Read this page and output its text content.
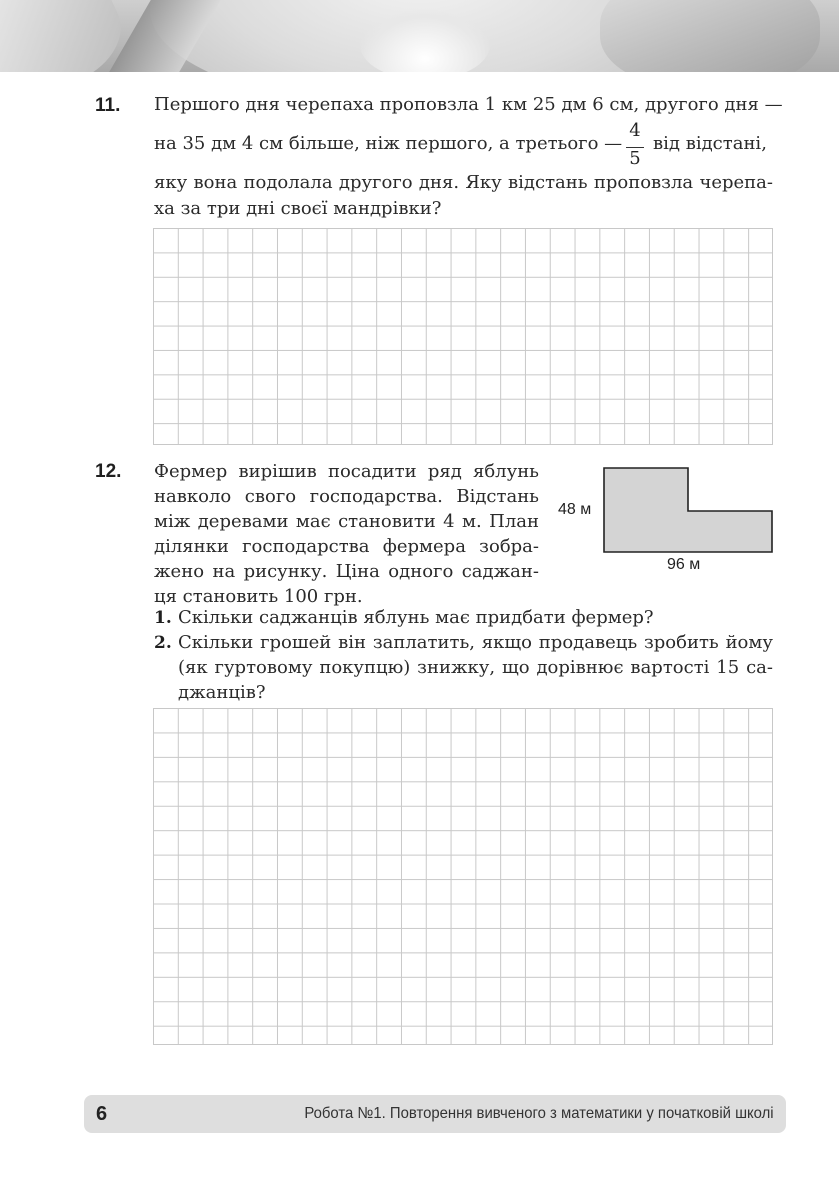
11. Першого дня черепаха проповзла 1 км 25 дм 6 см, другого дня —
на 35 дм 4 см більше, ніж першого, а третього —
4
5
від відстані,
яку вона подолала другого дня. Яку відстань проповзла черепа-
ха за три дні своєї мандрівки?
12. Фермер вирішив посадити ряд яблунь
навколо свого господарства. Відстань
між деревами має становити 4 м. План
ділянки господарства фермера зобра-
жено на рисунку. Ціна одного саджан-
ця становить 100 грн.
48 м
96 м
1. Скільки саджанців яблунь має придбати фермер?
2. Скільки грошей він заплатить, якщо продавець зробить йому
(як гуртовому покупцю) знижку, що дорівнює вартості 15 са-
джанців?
6	Робота №1. Повторення вивченого з математики у початковій школі
